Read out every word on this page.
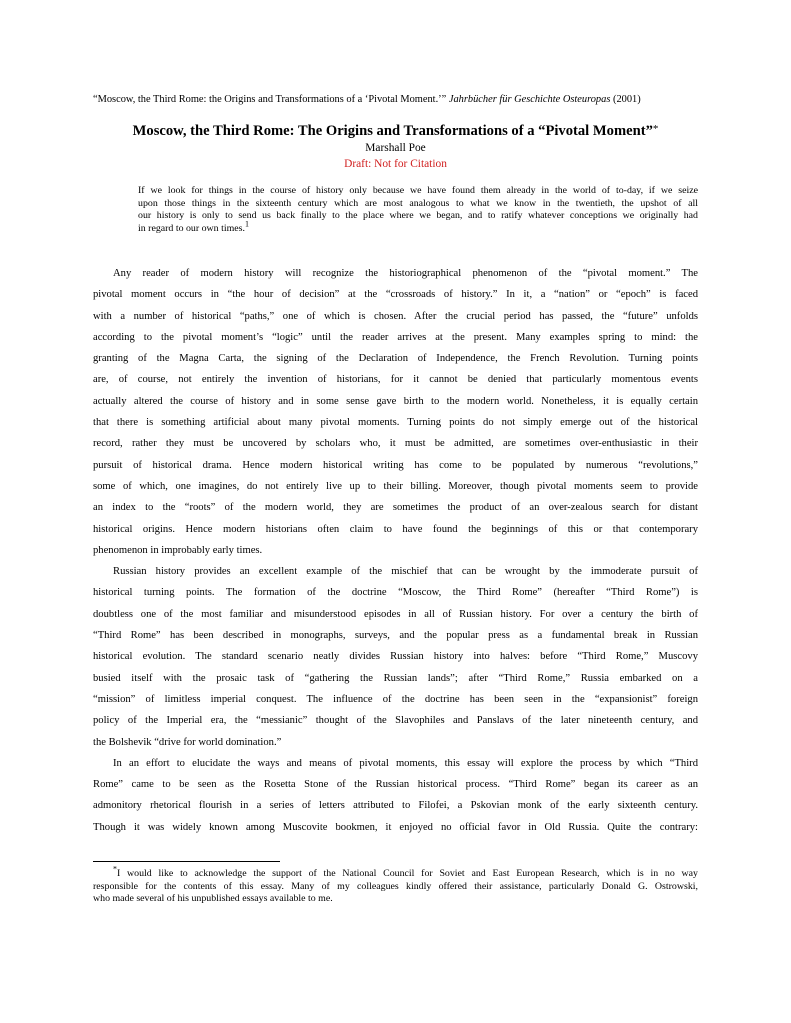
“Moscow, the Third Rome: the Origins and Transformations of a ‘Pivotal Moment.’” Jahrbücher für Geschichte Osteuropas (2001)
Moscow, the Third Rome: The Origins and Transformations of a “Pivotal Moment”*
Marshall Poe
Draft: Not for Citation
If we look for things in the course of history only because we have found them already in the world of to-day, if we seize
upon those things in the sixteenth century which are most analogous to what we know in the twentieth, the upshot of all
our history is only to send us back finally to the place where we began, and to ratify whatever conceptions we originally had
in regard to our own times.$^1$
Any reader of modern history will recognize the historiographical phenomenon of the “pivotal moment.” The
pivotal moment occurs in “the hour of decision” at the “crossroads of history.” In it, a “nation” or “epoch” is faced
with a number of historical “paths,” one of which is chosen. After the crucial period has passed, the “future” unfolds
according to the pivotal moment’s “logic” until the reader arrives at the present. Many examples spring to mind: the
granting of the Magna Carta, the signing of the Declaration of Independence, the French Revolution. Turning points
are, of course, not entirely the invention of historians, for it cannot be denied that particularly momentous events
actually altered the course of history and in some sense gave birth to the modern world. Nonetheless, it is equally certain
that there is something artificial about many pivotal moments. Turning points do not simply emerge out of the historical
record, rather they must be uncovered by scholars who, it must be admitted, are sometimes over-enthusiastic in their
pursuit of historical drama. Hence modern historical writing has come to be populated by numerous “revolutions,”
some of which, one imagines, do not entirely live up to their billing. Moreover, though pivotal moments seem to provide
an index to the “roots” of the modern world, they are sometimes the product of an over-zealous search for distant
historical origins. Hence modern historians often claim to have found the beginnings of this or that contemporary
phenomenon in improbably early times.
Russian history provides an excellent example of the mischief that can be wrought by the immoderate pursuit of
historical turning points. The formation of the doctrine “Moscow, the Third Rome” (hereafter “Third Rome”) is
doubtless one of the most familiar and misunderstood episodes in all of Russian history. For over a century the birth of
“Third Rome” has been described in monographs, surveys, and the popular press as a fundamental break in Russian
historical evolution. The standard scenario neatly divides Russian history into halves: before “Third Rome,” Muscovy
busied itself with the prosaic task of “gathering the Russian lands”; after “Third Rome,” Russia embarked on a
“mission” of limitless imperial conquest. The influence of the doctrine has been seen in the “expansionist” foreign
policy of the Imperial era, the “messianic” thought of the Slavophiles and Panslavs of the later nineteenth century, and
the Bolshevik “drive for world domination.”
In an effort to elucidate the ways and means of pivotal moments, this essay will explore the process by which “Third
Rome” came to be seen as the Rosetta Stone of the Russian historical process. “Third Rome” began its career as an
admonitory rhetorical flourish in a series of letters attributed to Filofei, a Pskovian monk of the early sixteenth century.
Though it was widely known among Muscovite bookmen, it enjoyed no official favor in Old Russia. Quite the contrary:
*I would like to acknowledge the support of the National Council for Soviet and East European Research, which is in no way
responsible for the contents of this essay. Many of my colleagues kindly offered their assistance, particularly Donald G. Ostrowski,
who made several of his unpublished essays available to me.
